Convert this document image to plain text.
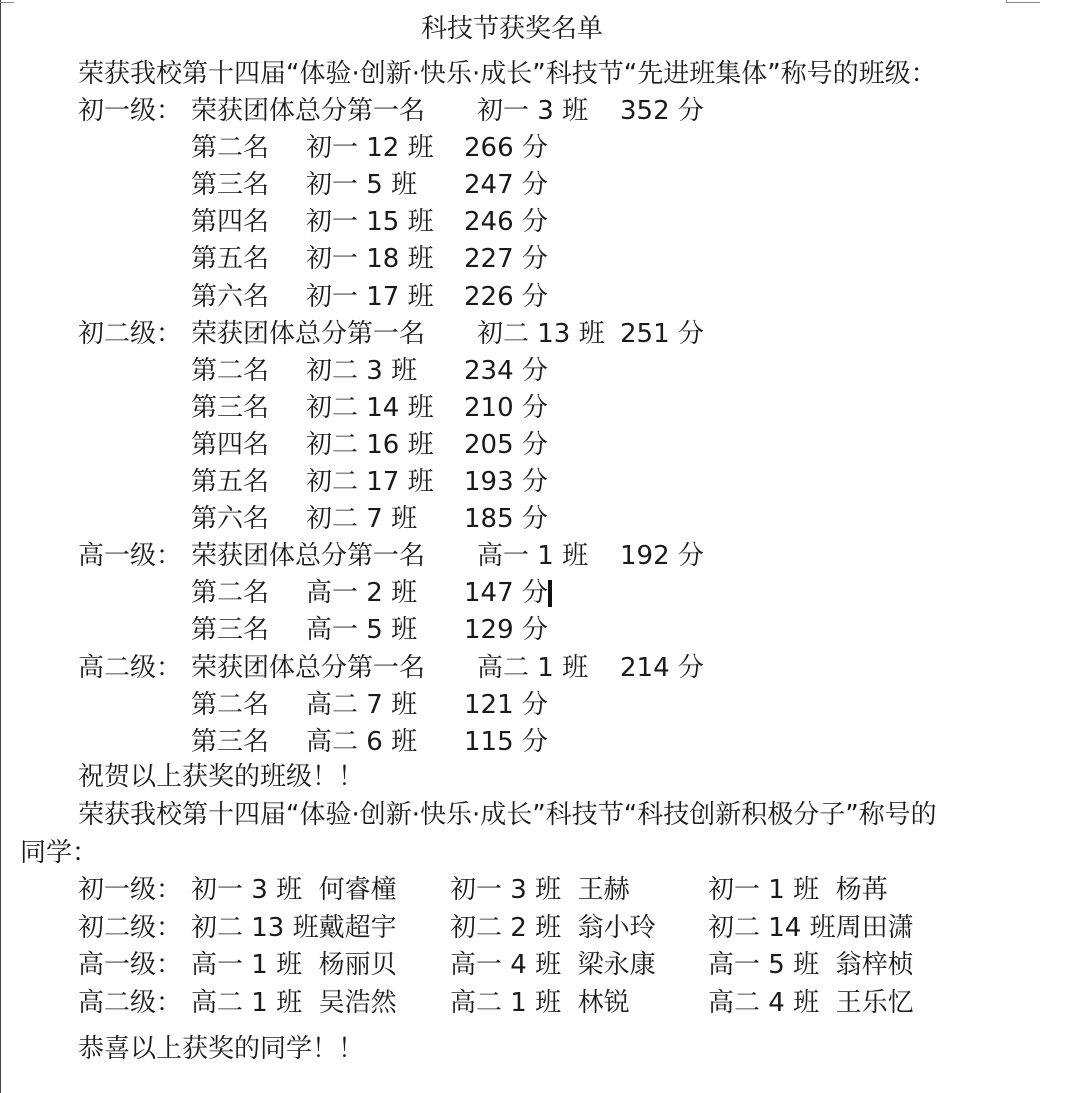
科技节获奖名单
荣获我校第十四届“体验·创新·快乐·成长”科技节“先进班集体”称号的班级：
初一级： 荣获团体总分第一名 初一 3 班 352 分
第二名 初一 12 班 266 分
第三名 初一 5 班 247 分
第四名 初一 15 班 246 分
第五名 初一 18 班 227 分
第六名 初一 17 班 226 分
初二级： 荣获团体总分第一名 初二 13 班 251 分
第二名 初二 3 班 234 分
第三名 初二 14 班 210 分
第四名 初二 16 班 205 分
第五名 初二 17 班 193 分
第六名 初二 7 班 185 分
高一级： 荣获团体总分第一名 高一 1 班 192 分
第二名 高一 2 班 147 分
第三名 高一 5 班 129 分
高二级： 荣获团体总分第一名 高二 1 班 214 分
第二名 高二 7 班 121 分
第三名 高二 6 班 115 分
祝贺以上获奖的班级！！
荣获我校第十四届“体验·创新·快乐·成长”科技节“科技创新积极分子”称号的
同学：
初一级： 初一 3 班  何睿橦 初一 3 班  王赫	初一 1 班  杨苒
初二级： 初二 13 班戴超宇 初二 2 班  翁小玲 初二 14 班周田潇
高一级： 高一 1 班  杨丽贝 高一 4 班  梁永康 高一 5 班  翁梓桢
高二级： 高二 1 班  吴浩然 高二 1 班  林锐	高二 4 班  王乐忆
恭喜以上获奖的同学！！
